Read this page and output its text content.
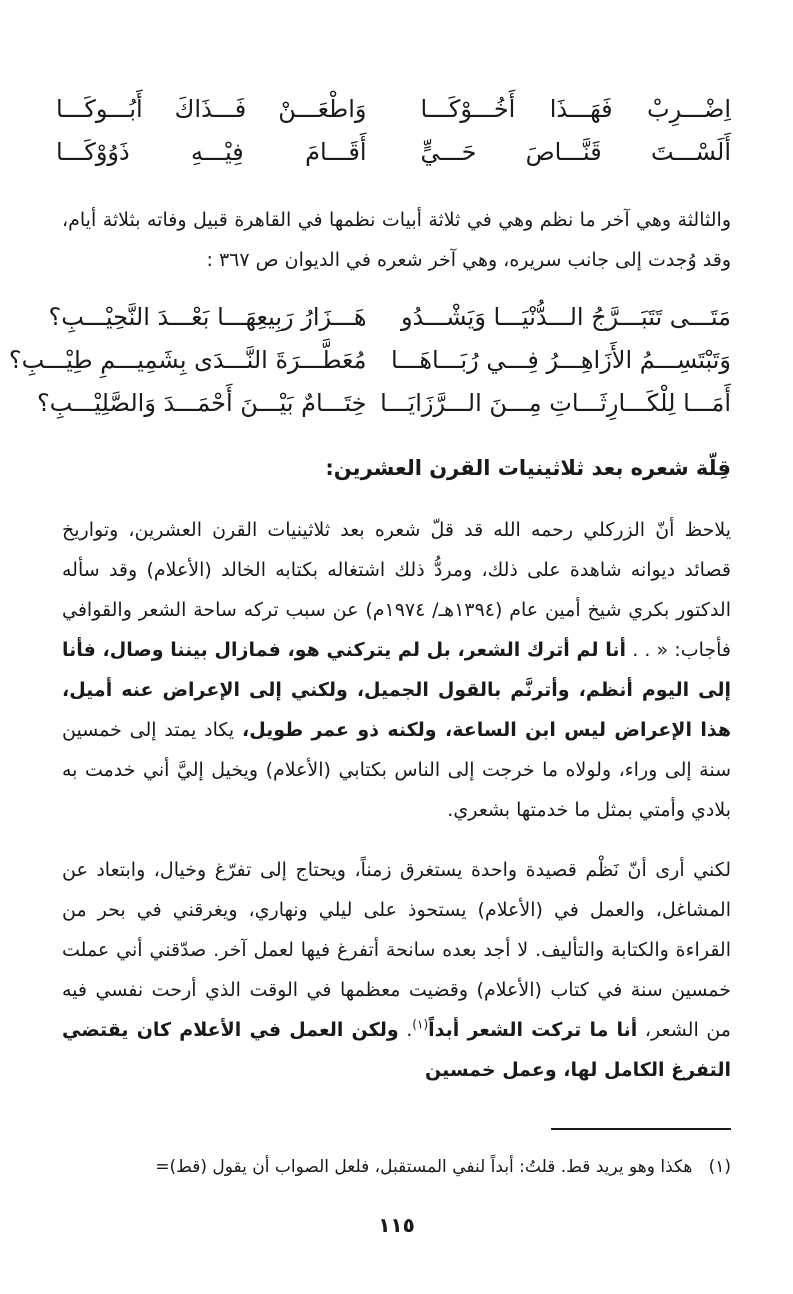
اِضْـــرِبْ فَهَـــذَا أَخُـــوْكَـــا
وَاطْعَـــنْ فَـــذَاكَ أَبُـــوكَـــا
أَلَسْـــتَ قَنَّـــاصَ حَـــيٍّ
أَقَـــامَ فِيْـــهِ ذَوُوْكَـــا

والثالثة وهي آخر ما نظم وهي في ثلاثة أبيات نظمها في القاهرة قبيل وفاته بثلاثة أيام، وقد وُجدت إلى جانب سريره، وهي آخر شعره في الديوان ص ٣٦٧ :

مَتَـــى تَتَبَـــرَّجُ الـــدُّنْيَـــا وَيَشْـــدُو
هَـــزَارُ رَبِيعِهَـــا بَعْـــدَ النَّحِيْـــبِ؟
وَتَبْتَسِـــمُ الأَزَاهِـــرُ فِـــي رُبَـــاهَـــا
مُعَطَّـــرَةَ النَّـــدَى بِشَمِيـــمِ طِيْـــبِ؟
أَمَـــا لِلْكَـــارِثَـــاتِ مِـــنَ الـــرَّزَايَـــا
خِتَـــامٌ بَيْـــنَ أَحْمَـــدَ وَالصَّلِيْـــبِ؟
قِلّة شعره بعد ثلاثينيات القرن العشرين:

يلاحظ أنّ الزركلي رحمه الله قد قلّ شعره بعد ثلاثينيات القرن العشرين، وتواريخ قصائد ديوانه شاهدة على ذلك، ومردُّ ذلك اشتغاله بكتابه الخالد (الأعلام) وقد سأله الدكتور بكري شيخ أمين عام (١٣٩٤هـ/ ١٩٧٤م) عن سبب تركه ساحة الشعر والقوافي فأجاب: « . . أنا لم أترك الشعر، بل لم يتركني هو، فمازال بيننا وصال، فأنا إلى اليوم أنظم، وأترنَّم بالقول الجميل، ولكني إلى الإعراض عنه أميل، هذا الإعراض ليس ابن الساعة، ولكنه ذو عمر طويل، يكاد يمتد إلى خمسين سنة إلى وراء، ولولاه ما خرجت إلى الناس بكتابي (الأعلام) ويخيل إليَّ أني خدمت به بلادي وأمتي بمثل ما خدمتها بشعري.

لكني أرى أنّ نَظْم قصيدة واحدة يستغرق زمناً، ويحتاج إلى تفرّغ وخيال، وابتعاد عن المشاغل، والعمل في (الأعلام) يستحوذ على ليلي ونهاري، ويغرقني في بحر من القراءة والكتابة والتأليف. لا أجد بعده سانحة أتفرغ فيها لعمل آخر. صدّقني أني عملت خمسين سنة في كتاب (الأعلام) وقضيت معظمها في الوقت الذي أرحت نفسي فيه من الشعر، أنا ما تركت الشعر أبداً$^{(١)}$. ولكن العمل في الأعلام كان يقتضي التفرغ الكامل لها، وعمل خمسين

(١)   هكذا وهو يريد قط. قلتُ: أبداً لنفي المستقبل، فلعل الصواب أن يقول (قط)=

١١٥
